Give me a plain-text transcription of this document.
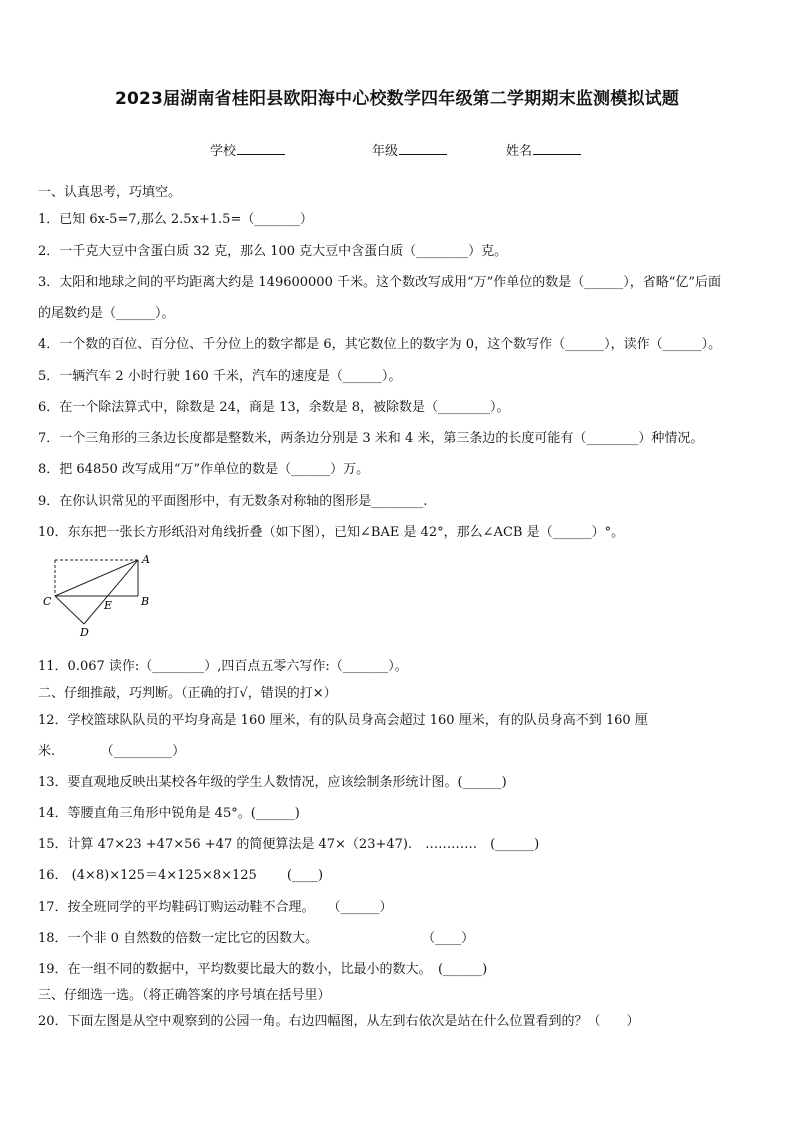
2023届湖南省桂阳县欧阳海中心校数学四年级第二学期期末监测模拟试题
学校	年级	姓名
一、认真思考，巧填空。
1．已知 6x-5=7,那么 2.5x+1.5=（_______）
2．一千克大豆中含蛋白质 32 克，那么 100 克大豆中含蛋白质（________）克。
3．太阳和地球之间的平均距离大约是 149600000 千米。这个数改写成用“万”作单位的数是（______），省略“亿”后面
的尾数约是（______）。
4．一个数的百位、百分位、千分位上的数字都是 6，其它数位上的数字为 0，这个数写作（______），读作（______）。
5．一辆汽车 2 小时行驶 160 千米，汽车的速度是（______）。
6．在一个除法算式中，除数是 24，商是 13，余数是 8，被除数是（________）。
7．一个三角形的三条边长度都是整数米，两条边分别是 3 米和 4 米，第三条边的长度可能有（________）种情况。
8．把 64850 改写成用“万”作单位的数是（______）万。
9．在你认识常见的平面图形中，有无数条对称轴的图形是________.
10．东东把一张长方形纸沿对角线折叠（如下图），已知∠BAE 是 42°，那么∠ACB 是（______）°。
A
B
C
D
E
11．0.067 读作:（________）,四百点五零六写作:（_______）。
二、仔细推敲，巧判断。（正确的打√，错误的打×）
12．学校篮球队队员的平均身高是 160 厘米，有的队员身高会超过 160 厘米，有的队员身高不到 160 厘
米.　　　　（_________）
13．要直观地反映出某校各年级的学生人数情况，应该绘制条形统计图。(______)
14．等腰直角三角形中锐角是 45°。(______)
15．计算 47×23 +47×56 +47 的简便算法是 47×（23+47).　…………　(______)
16． (4×8)×125＝4×125×8×125　　 (____)
17．按全班同学的平均鞋码订购运动鞋不合理。　　（______）
18．一个非 0 自然数的倍数一定比它的因数大。　　　　　　　　　（____）
19．在一组不同的数据中，平均数要比最大的数小，比最小的数大。　(______)
三、仔细选一选。（将正确答案的序号填在括号里）
20．下面左图是从空中观察到的公园一角。右边四幅图，从左到右依次是站在什么位置看到的？（　　）
